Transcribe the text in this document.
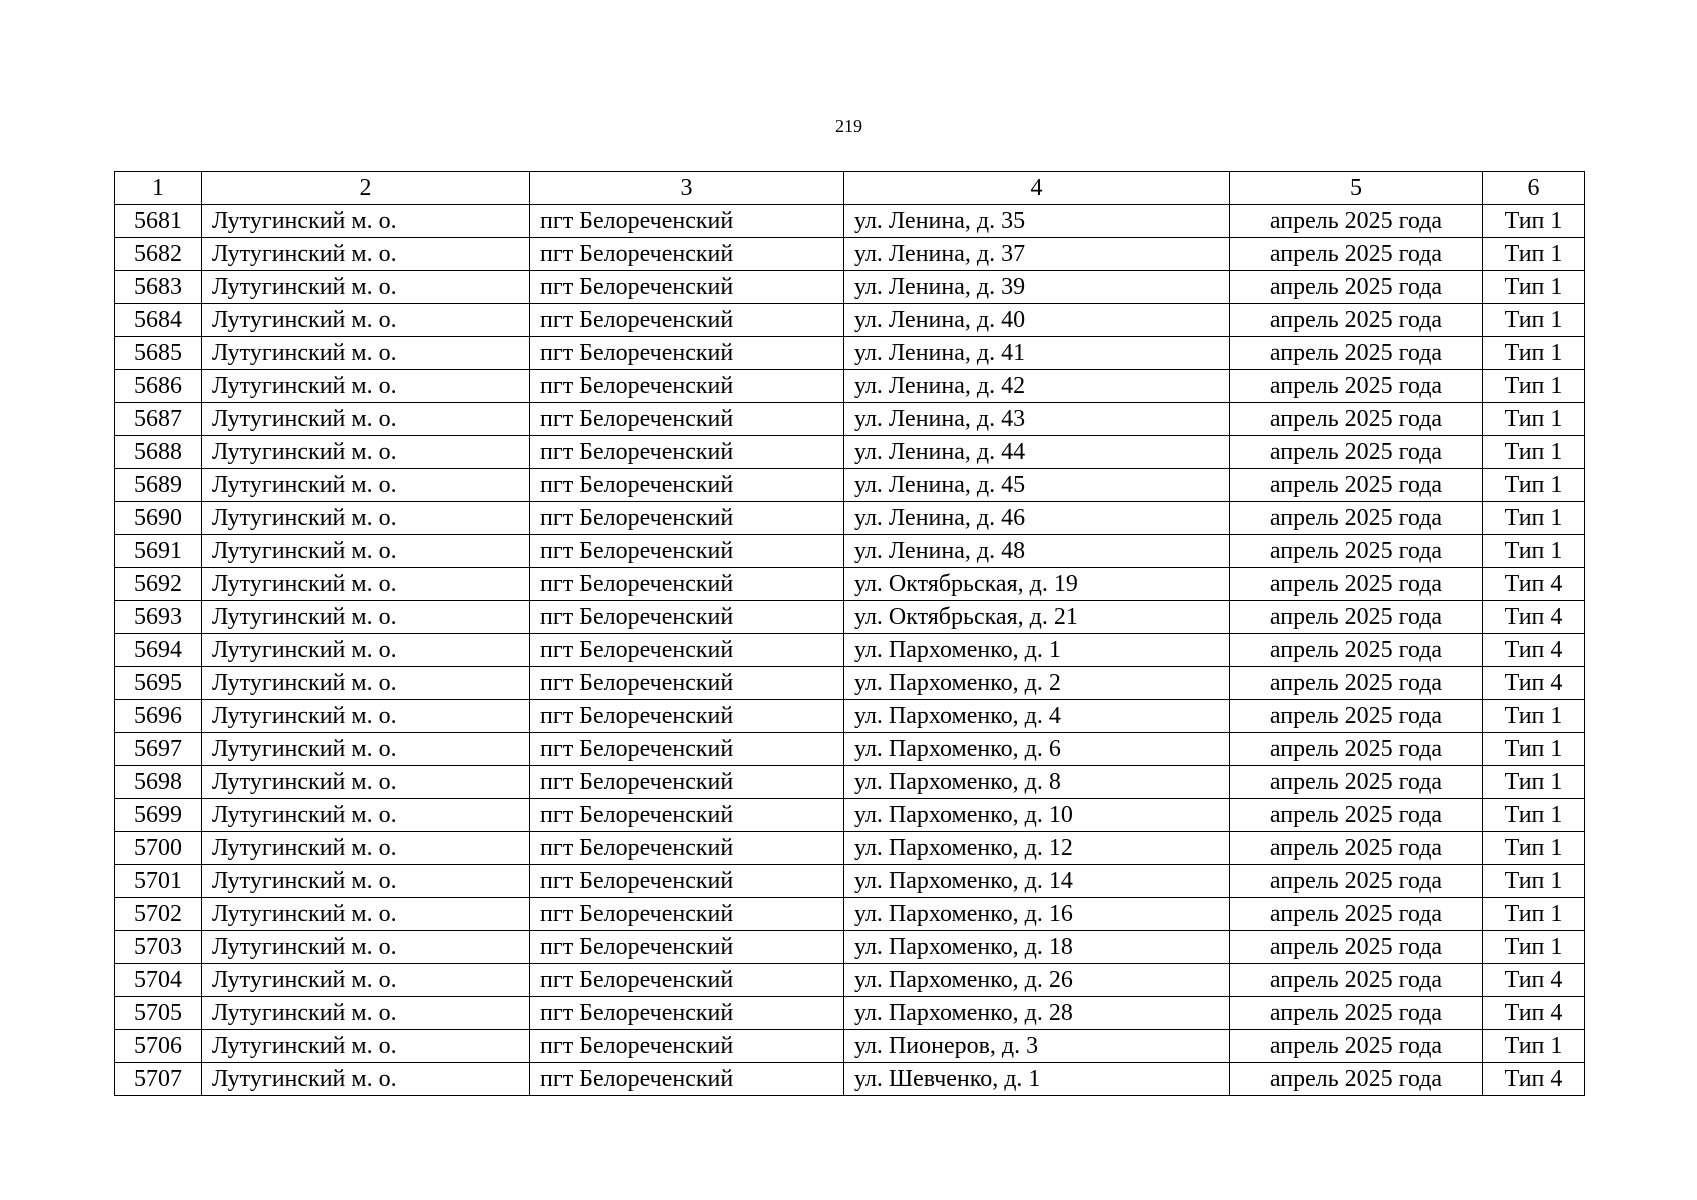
219
1	2	3	4	5	6
5681	Лутугинский м. о.	пгт Белореченский	ул. Ленина, д. 35	апрель 2025 года	Тип 1
5682	Лутугинский м. о.	пгт Белореченский	ул. Ленина, д. 37	апрель 2025 года	Тип 1
5683	Лутугинский м. о.	пгт Белореченский	ул. Ленина, д. 39	апрель 2025 года	Тип 1
5684	Лутугинский м. о.	пгт Белореченский	ул. Ленина, д. 40	апрель 2025 года	Тип 1
5685	Лутугинский м. о.	пгт Белореченский	ул. Ленина, д. 41	апрель 2025 года	Тип 1
5686	Лутугинский м. о.	пгт Белореченский	ул. Ленина, д. 42	апрель 2025 года	Тип 1
5687	Лутугинский м. о.	пгт Белореченский	ул. Ленина, д. 43	апрель 2025 года	Тип 1
5688	Лутугинский м. о.	пгт Белореченский	ул. Ленина, д. 44	апрель 2025 года	Тип 1
5689	Лутугинский м. о.	пгт Белореченский	ул. Ленина, д. 45	апрель 2025 года	Тип 1
5690	Лутугинский м. о.	пгт Белореченский	ул. Ленина, д. 46	апрель 2025 года	Тип 1
5691	Лутугинский м. о.	пгт Белореченский	ул. Ленина, д. 48	апрель 2025 года	Тип 1
5692	Лутугинский м. о.	пгт Белореченский	ул. Октябрьская, д. 19	апрель 2025 года	Тип 4
5693	Лутугинский м. о.	пгт Белореченский	ул. Октябрьская, д. 21	апрель 2025 года	Тип 4
5694	Лутугинский м. о.	пгт Белореченский	ул. Пархоменко, д. 1	апрель 2025 года	Тип 4
5695	Лутугинский м. о.	пгт Белореченский	ул. Пархоменко, д. 2	апрель 2025 года	Тип 4
5696	Лутугинский м. о.	пгт Белореченский	ул. Пархоменко, д. 4	апрель 2025 года	Тип 1
5697	Лутугинский м. о.	пгт Белореченский	ул. Пархоменко, д. 6	апрель 2025 года	Тип 1
5698	Лутугинский м. о.	пгт Белореченский	ул. Пархоменко, д. 8	апрель 2025 года	Тип 1
5699	Лутугинский м. о.	пгт Белореченский	ул. Пархоменко, д. 10	апрель 2025 года	Тип 1
5700	Лутугинский м. о.	пгт Белореченский	ул. Пархоменко, д. 12	апрель 2025 года	Тип 1
5701	Лутугинский м. о.	пгт Белореченский	ул. Пархоменко, д. 14	апрель 2025 года	Тип 1
5702	Лутугинский м. о.	пгт Белореченский	ул. Пархоменко, д. 16	апрель 2025 года	Тип 1
5703	Лутугинский м. о.	пгт Белореченский	ул. Пархоменко, д. 18	апрель 2025 года	Тип 1
5704	Лутугинский м. о.	пгт Белореченский	ул. Пархоменко, д. 26	апрель 2025 года	Тип 4
5705	Лутугинский м. о.	пгт Белореченский	ул. Пархоменко, д. 28	апрель 2025 года	Тип 4
5706	Лутугинский м. о.	пгт Белореченский	ул. Пионеров, д. 3	апрель 2025 года	Тип 1
5707	Лутугинский м. о.	пгт Белореченский	ул. Шевченко, д. 1	апрель 2025 года	Тип 4
